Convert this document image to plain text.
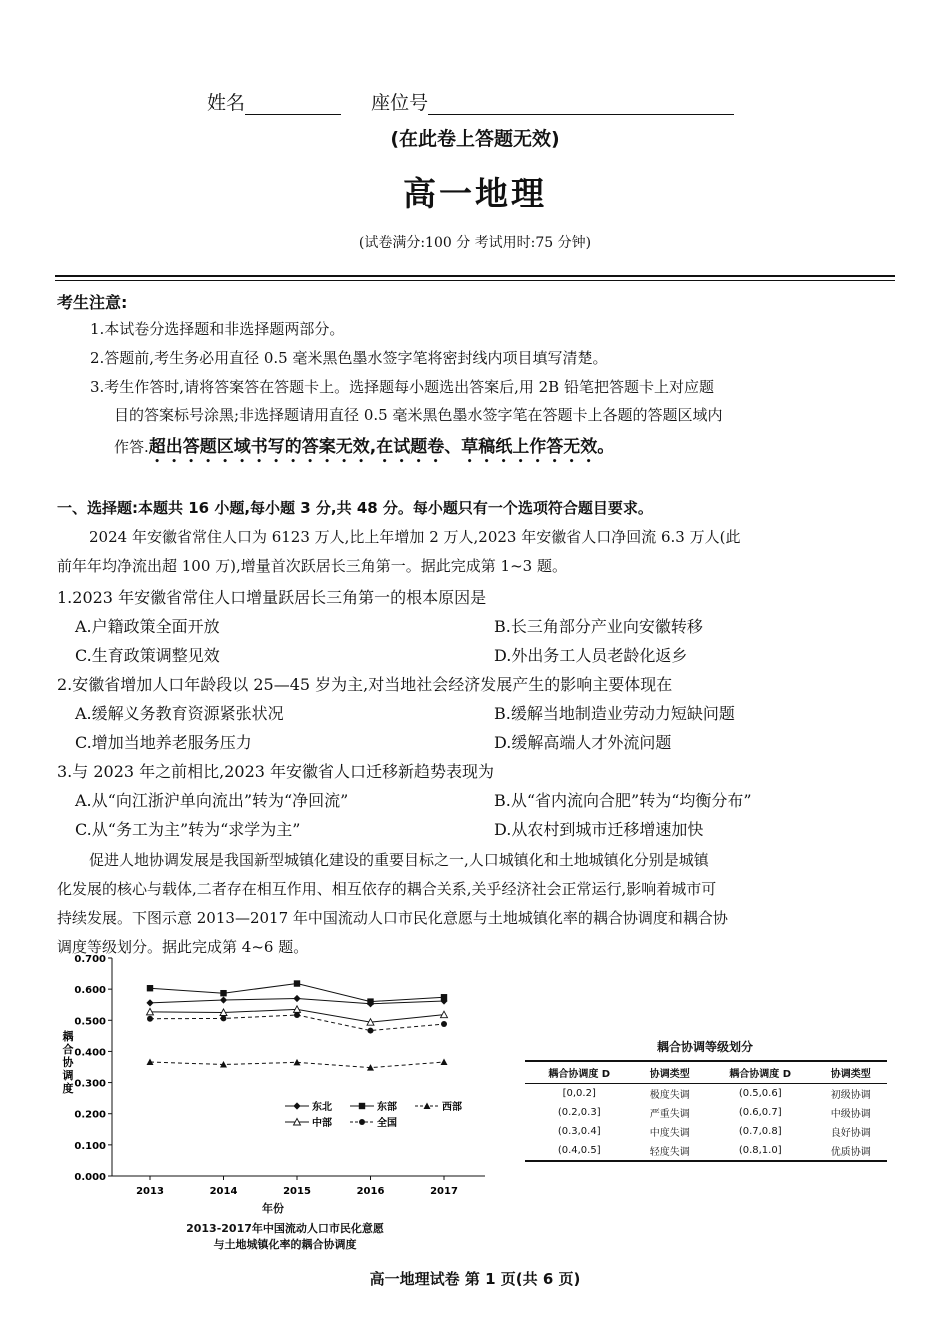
姓名	座位号
(在此卷上答题无效)
高一地理
(试卷满分:100 分 考试用时:75 分钟)
考生注意:
1.本试卷分选择题和非选择题两部分。
2.答题前,考生务必用直径 0.5 毫米黑色墨水签字笔将密封线内项目填写清楚。
3.考生作答时,请将答案答在答题卡上。选择题每小题选出答案后,用 2B 铅笔把答题卡上对应题
目的答案标号涂黑;非选择题请用直径 0.5 毫米黑色墨水签字笔在答题卡上各题的答题区域内
作答.超出答题区域书写的答案无效,在试题卷、草稿纸上作答无效。
一、选择题:本题共 16 小题,每小题 3 分,共 48 分。每小题只有一个选项符合题目要求。
2024 年安徽省常住人口为 6123 万人,比上年增加 2 万人,2023 年安徽省人口净回流 6.3 万人(此
前年年均净流出超 100 万),增量首次跃居长三角第一。据此完成第 1~3 题。
1.2023 年安徽省常住人口增量跃居长三角第一的根本原因是
A.户籍政策全面开放	B.长三角部分产业向安徽转移
C.生育政策调整见效	D.外出务工人员老龄化返乡
2.安徽省增加人口年龄段以 25—45 岁为主,对当地社会经济发展产生的影响主要体现在
A.缓解义务教育资源紧张状况	B.缓解当地制造业劳动力短缺问题
C.增加当地养老服务压力	D.缓解高端人才外流问题
3.与 2023 年之前相比,2023 年安徽省人口迁移新趋势表现为
A.从“向江浙沪单向流出”转为“净回流”	B.从“省内流向合肥”转为“均衡分布”
C.从“务工为主”转为“求学为主”	D.从农村到城市迁移增速加快
促进人地协调发展是我国新型城镇化建设的重要目标之一,人口城镇化和土地城镇化分别是城镇
化发展的核心与载体,二者存在相互作用、相互依存的耦合关系,关乎经济社会正常运行,影响着城市可
持续发展。下图示意 2013—2017 年中国流动人口市民化意愿与土地城镇化率的耦合协调度和耦合协
调度等级划分。据此完成第 4~6 题。
0.000
0.100
0.200
0.300
0.400
0.500
0.600
0.700
2013	2014	2015	2016	2017
耦
合
协
调
度
东北	东部	西部
中部	全国
年份
2013-2017年中国流动人口市民化意愿
与土地城镇化率的耦合协调度
耦合协调等级划分
耦合协调度 D	协调类型	耦合协调度 D	协调类型
[0,0.2]	极度失调	(0.5,0.6]	初级协调
(0.2,0.3]	严重失调	(0.6,0.7]	中级协调
(0.3,0.4]	中度失调	(0.7,0.8]	良好协调
(0.4,0.5]	轻度失调	(0.8,1.0]	优质协调
高一地理试卷 第 1 页(共 6 页)
